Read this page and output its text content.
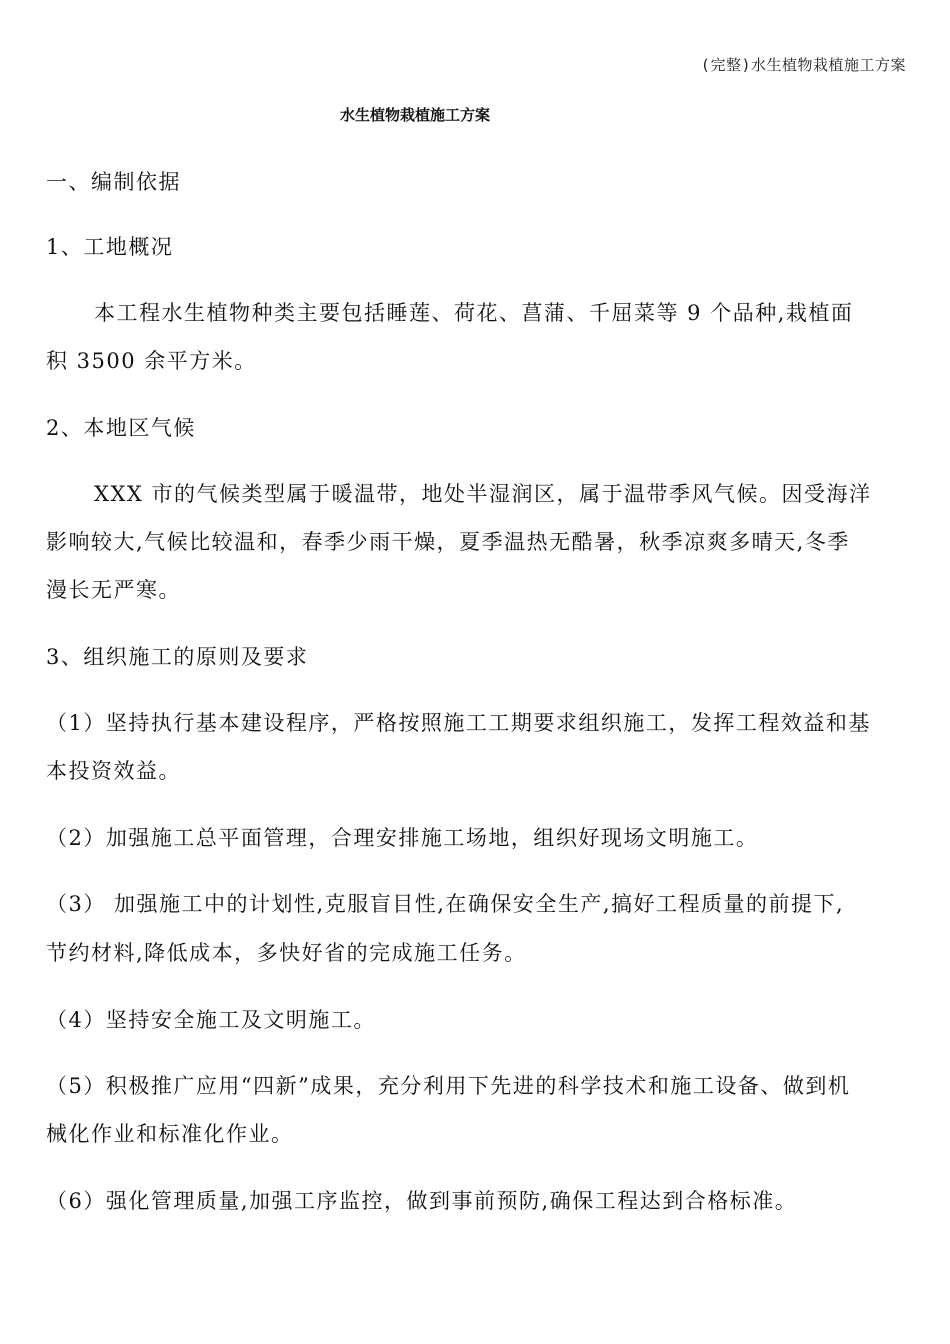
(完整)水生植物栽植施工方案
水生植物栽植施工方案
一、编制依据
1、工地概况
本工程水生植物种类主要包括睡莲、荷花、菖蒲、千屈菜等 9 个品种,栽植面
积 3500 余平方米。
2、本地区气候
XXX 市的气候类型属于暖温带，地处半湿润区，属于温带季风气候。因受海洋
影响较大,气候比较温和，春季少雨干燥，夏季温热无酷暑，秋季凉爽多晴天,冬季
漫长无严寒。
3、组织施工的原则及要求
（1）坚持执行基本建设程序，严格按照施工工期要求组织施工，发挥工程效益和基
本投资效益。
（2）加强施工总平面管理，合理安排施工场地，组织好现场文明施工。
（3） 加强施工中的计划性,克服盲目性,在确保安全生产,搞好工程质量的前提下,
节约材料,降低成本，多快好省的完成施工任务。
（4）坚持安全施工及文明施工。
（5）积极推广应用“四新”成果，充分利用下先进的科学技术和施工设备、做到机
械化作业和标准化作业。
（6）强化管理质量,加强工序监控，做到事前预防,确保工程达到合格标准。
